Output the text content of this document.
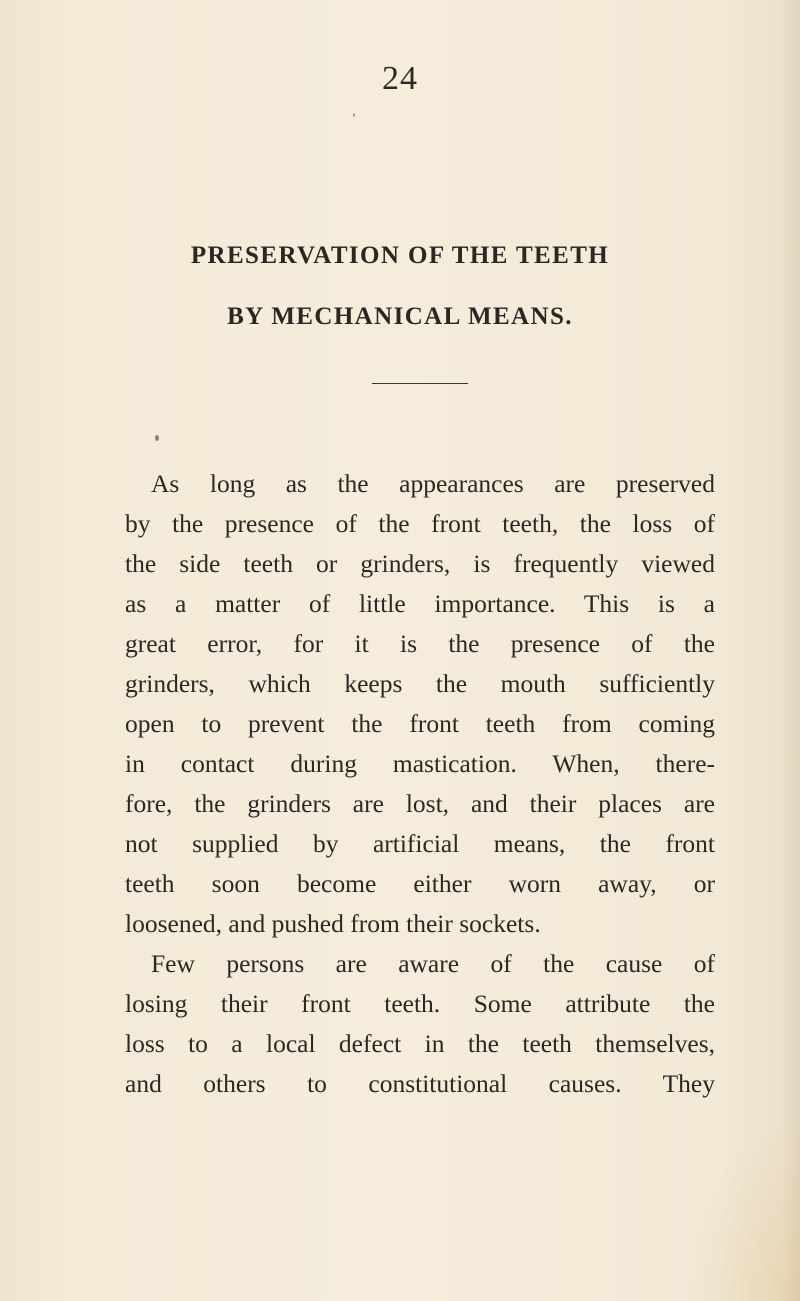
24

PRESERVATION OF THE TEETH
BY MECHANICAL MEANS.
As long as the appearances are preserved
by the presence of the front teeth, the loss of
the side teeth or grinders, is frequently viewed
as a matter of little importance. This is a
great error, for it is the presence of the
grinders, which keeps the mouth sufficiently
open to prevent the front teeth from coming
in contact during mastication. When, there-
fore, the grinders are lost, and their places are
not supplied by artificial means, the front
teeth soon become either worn away, or
loosened, and pushed from their sockets.
Few persons are aware of the cause of
losing their front teeth. Some attribute the
loss to a local defect in the teeth themselves,
and others to constitutional causes. They
